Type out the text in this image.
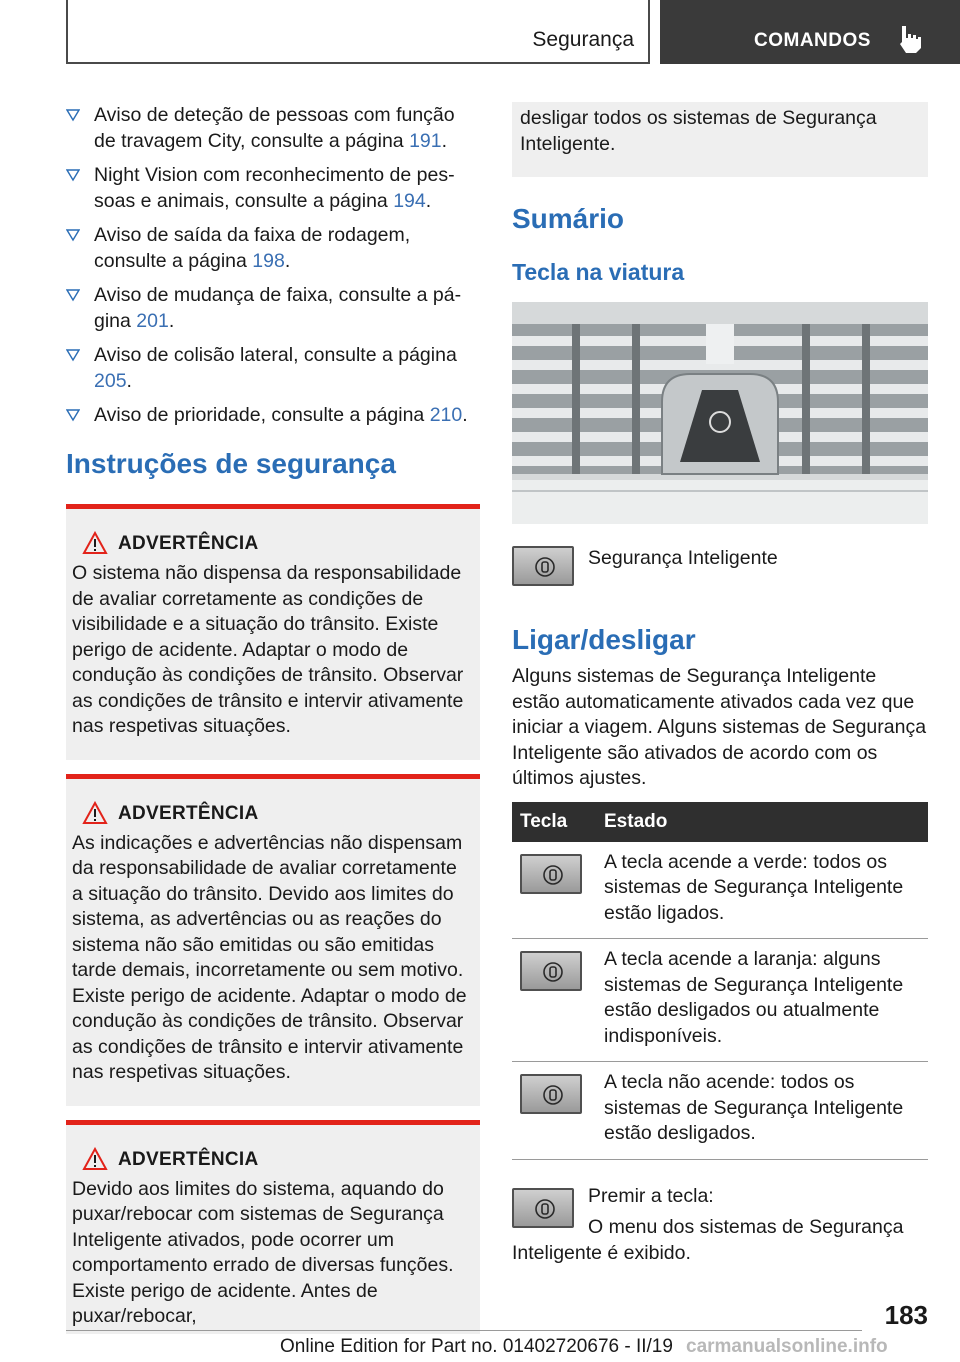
Segurança	COMANDOS
Aviso de deteção de pessoas com função de travagem City, consulte a página 191.
Night Vision com reconhecimento de pessoas e animais, consulte a página 194.
Aviso de saída da faixa de rodagem, consulte a página 198.
Aviso de mudança de faixa, consulte a página 201.
Aviso de colisão lateral, consulte a página 205.
Aviso de prioridade, consulte a página 210.
Instruções de segurança
ADVERTÊNCIA
O sistema não dispensa da responsabilidade de avaliar corretamente as condições de visibilidade e a situação do trânsito. Existe perigo de acidente. Adaptar o modo de condução às condições de trânsito. Observar as condições de trânsito e intervir ativamente nas respetivas situações.
ADVERTÊNCIA
As indicações e advertências não dispensam da responsabilidade de avaliar corretamente a situação do trânsito. Devido aos limites do sistema, as advertências ou as reações do sistema não são emitidas ou são emitidas tarde demais, incorretamente ou sem motivo. Existe perigo de acidente. Adaptar o modo de condução às condições de trânsito. Observar as condições de trânsito e intervir ativamente nas respetivas situações.
ADVERTÊNCIA
Devido aos limites do sistema, aquando do puxar/rebocar com sistemas de Segurança Inteligente ativados, pode ocorrer um comportamento errado de diversas funções. Existe perigo de acidente. Antes de puxar/rebocar,
desligar todos os sistemas de Segurança Inteligente.
Sumário
Tecla na viatura
Segurança Inteligente
Ligar/desligar
Alguns sistemas de Segurança Inteligente estão automaticamente ativados cada vez que iniciar a viagem. Alguns sistemas de Segurança Inteligente são ativados de acordo com os últimos ajustes.
Tecla	Estado

	A tecla acende a verde: todos os sistemas de Segurança Inteligente estão ligados.

	A tecla acende a laranja: alguns sistemas de Segurança Inteligente estão desligados ou atualmente indisponíveis.

	A tecla não acende: todos os sistemas de Segurança Inteligente estão desligados.
Premir a tecla:

O menu dos sistemas de Segurança Inteligente é exibido.
183
Online Edition for Part no. 01402720676 - II/19 carmanualsonline.info
